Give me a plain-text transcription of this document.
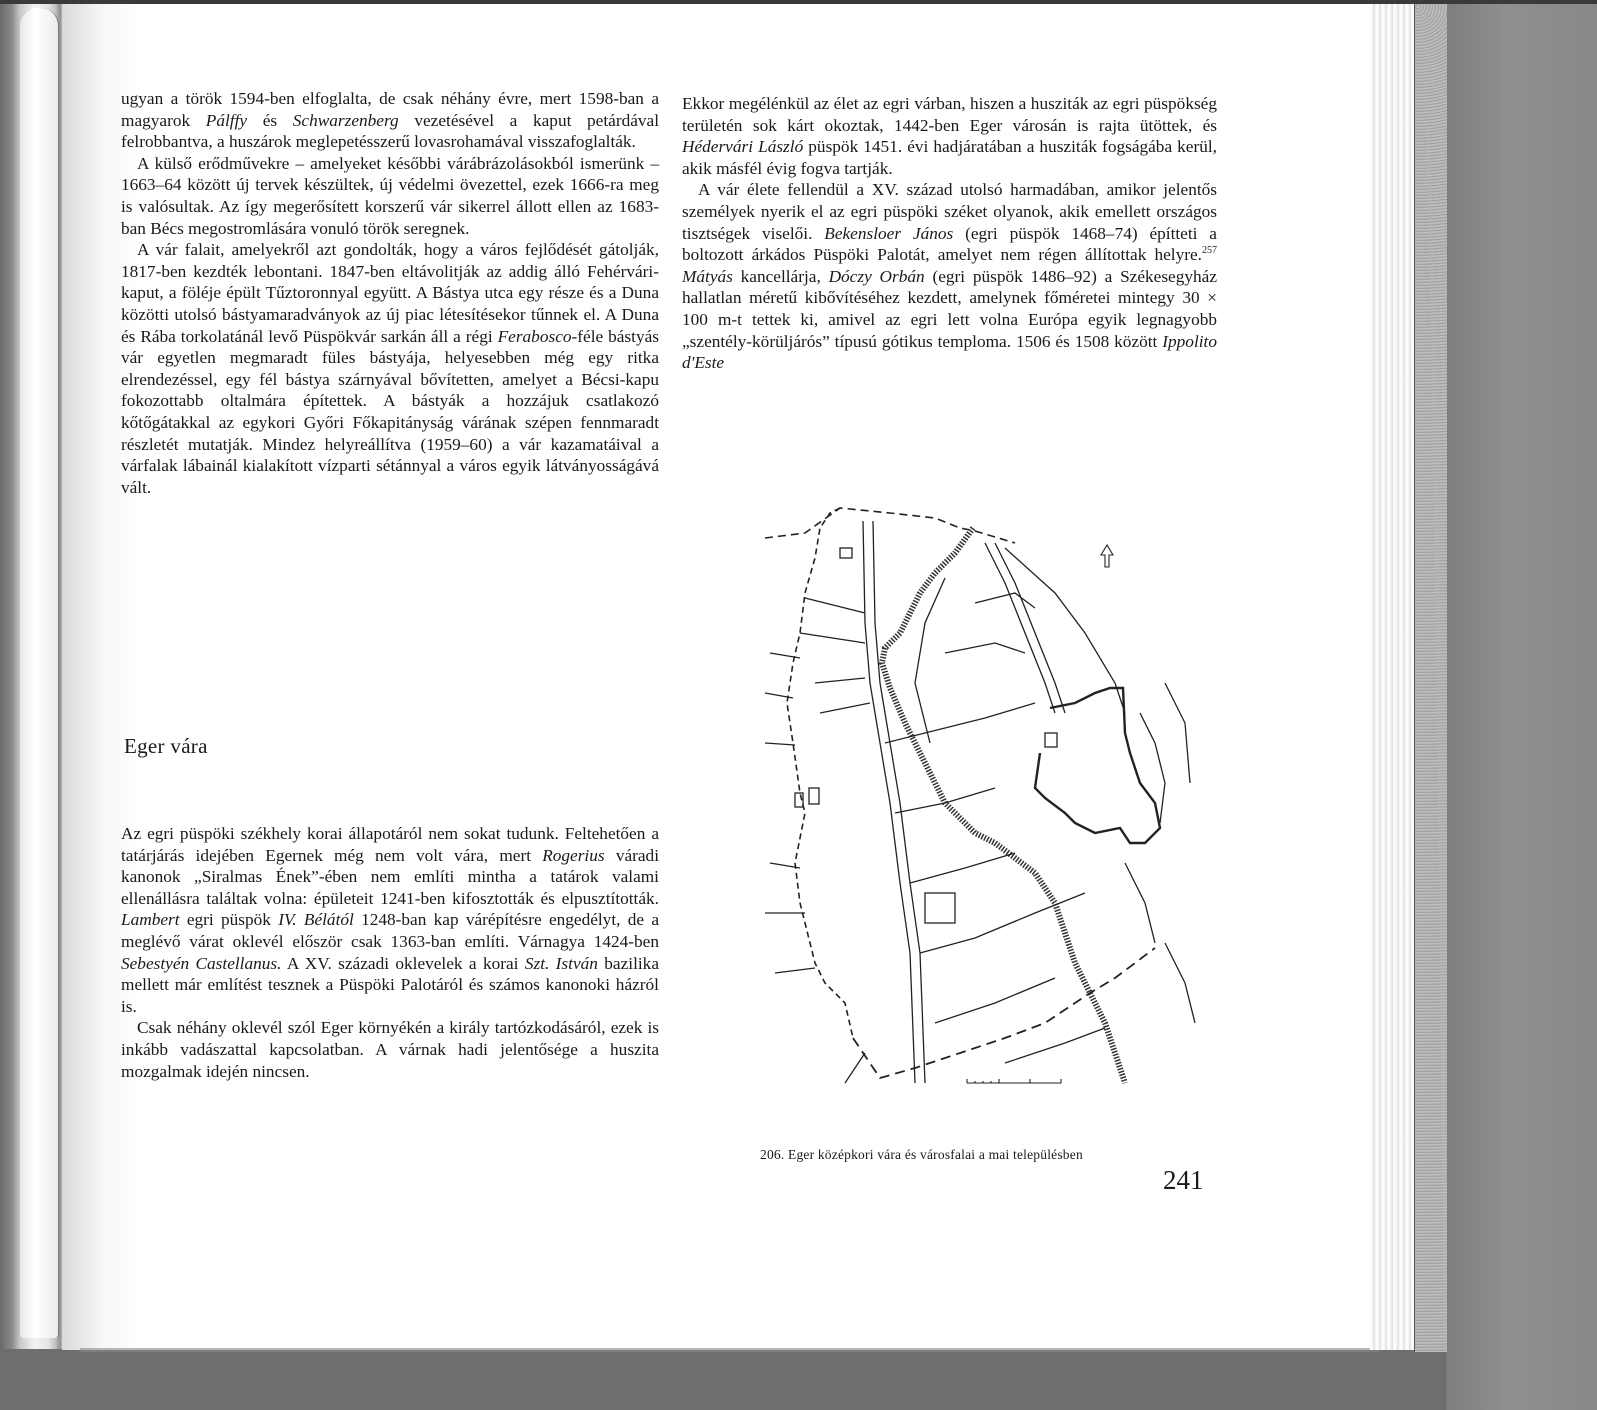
ugyan a török 1594-ben elfoglalta, de csak néhány évre, mert 1598-ban a magyarok Pálffy és Schwarzenberg vezetésével a kaput petárdával felrobbantva, a huszárok meglepetésszerű lovasrohamával visszafoglalták.

A külső erődművekre – amelyeket későbbi várábrázolásokból ismerünk – 1663–64 között új tervek készültek, új védelmi övezettel, ezek 1666-ra meg is valósultak. Az így megerősített korszerű vár sikerrel állott ellen az 1683-ban Bécs megostromlására vonuló török seregnek.

A vár falait, amelyekről azt gondolták, hogy a város fejlődését gátolják, 1817-ben kezdték lebontani. 1847-ben eltávolitják az addig álló Fehérvári-kaput, a föléje épült Tűztoronnyal együtt. A Bástya utca egy része és a Duna közötti utolsó bástyamaradványok az új piac létesítésekor tűnnek el. A Duna és Rába torkolatánál levő Püspökvár sarkán áll a régi Ferabosco-féle bástyás vár egyetlen megmaradt füles bástyája, helyesebben még egy ritka elrendezéssel, egy fél bástya szárnyával bővítetten, amelyet a Bécsi-kapu fokozottabb oltalmára építettek. A bástyák a hozzájuk csatlakozó kőtőgátakkal az egykori Győri Főkapitányság várának szépen fennmaradt részletét mutatják. Mindez helyreállítva (1959–60) a vár kazamatáival a várfalak lábainál kialakított vízparti sétánnyal a város egyik látványosságává vált.

Eger vára

Az egri püspöki székhely korai állapotáról nem sokat tudunk. Feltehetően a tatárjárás idejében Egernek még nem volt vára, mert Rogerius váradi kanonok „Siralmas Ének”-ében nem említi mintha a tatárok valami ellenállásra találtak volna: épületeit 1241-ben kifosztották és elpusztították. Lambert egri püspök IV. Bélától 1248-ban kap várépítésre engedélyt, de a meglévő várat oklevél először csak 1363-ban említi. Várnagya 1424-ben Sebestyén Castellanus. A XV. századi oklevelek a korai Szt. István bazilika mellett már említést tesznek a Püspöki Palotáról és számos kanonoki házról is.

Csak néhány oklevél szól Eger környékén a király tartózkodásáról, ezek is inkább vadászattal kapcsolatban. A várnak hadi jelentősége a huszita mozgalmak idején nincsen.

Ekkor megélénkül az élet az egri várban, hiszen a husziták az egri püspökség területén sok kárt okoztak, 1442-ben Eger városán is rajta ütöttek, és Hédervári László püspök 1451. évi hadjáratában a husziták fogságába kerül, akik másfél évig fogva tartják.

A vár élete fellendül a XV. század utolsó harmadában, amikor jelentős személyek nyerik el az egri püspöki széket olyanok, akik emellett országos tisztségek viselői. Bekensloer János (egri püspök 1468–74) építteti a boltozott árkádos Püspöki Palotát, amelyet nem régen állítottak helyre.$^{257}$ Mátyás kancellárja, Dóczy Orbán (egri püspök 1486–92) a Székesegyház hallatlan méretű kibővítéséhez kezdett, amelynek főméretei mintegy 30 × 100 m-t tettek ki, amivel az egri lett volna Európa egyik legnagyobb „szentély-körüljárós” típusú gótikus temploma. 1506 és 1508 között Ippolito d'Este

206. Eger középkori vára és városfalai a mai településben
241
